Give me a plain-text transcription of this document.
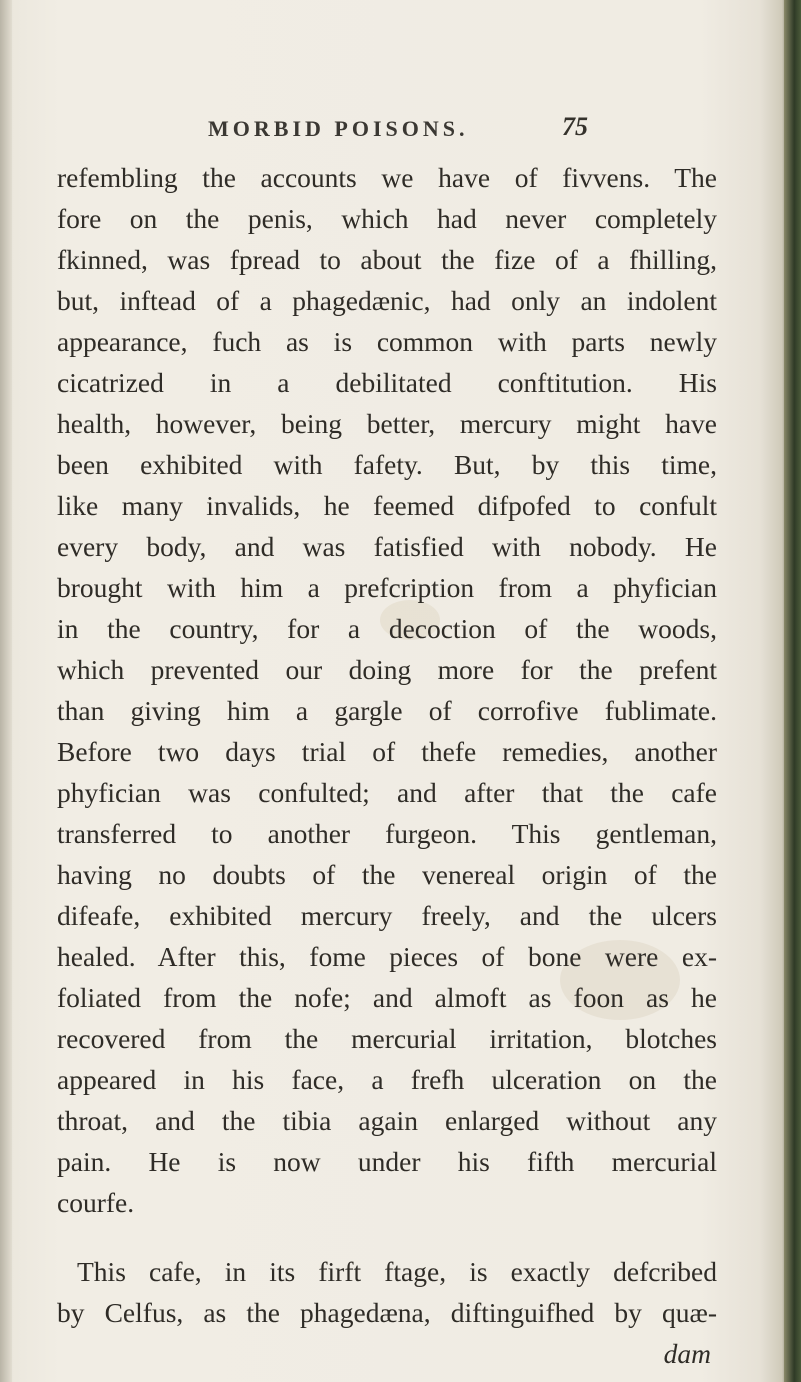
MORBID POISONS.	75
refembling the accounts we have of fivvens. The
fore on the penis, which had never completely
fkinned, was fpread to about the fize of a fhilling,
but, inftead of a phagedænic, had only an indolent
appearance, fuch as is common with parts newly
cicatrized in a debilitated conftitution. His
health, however, being better, mercury might have
been exhibited with fafety. But, by this time,
like many invalids, he feemed difpofed to confult
every body, and was fatisfied with nobody. He
brought with him a prefcription from a phyfician
in the country, for a decoction of the woods,
which prevented our doing more for the prefent
than giving him a gargle of corrofive fublimate.
Before two days trial of thefe remedies, another
phyfician was confulted; and after that the cafe
transferred to another furgeon. This gentleman,
having no doubts of the venereal origin of the
difeafe, exhibited mercury freely, and the ulcers
healed. After this, fome pieces of bone were ex-
foliated from the nofe; and almoft as foon as he
recovered from the mercurial irritation, blotches
appeared in his face, a frefh ulceration on the
throat, and the tibia again enlarged without any
pain. He is now under his fifth mercurial
courfe.
This cafe, in its firft ftage, is exactly defcribed
by Celfus, as the phagedæna, diftinguifhed by quæ-
dam
